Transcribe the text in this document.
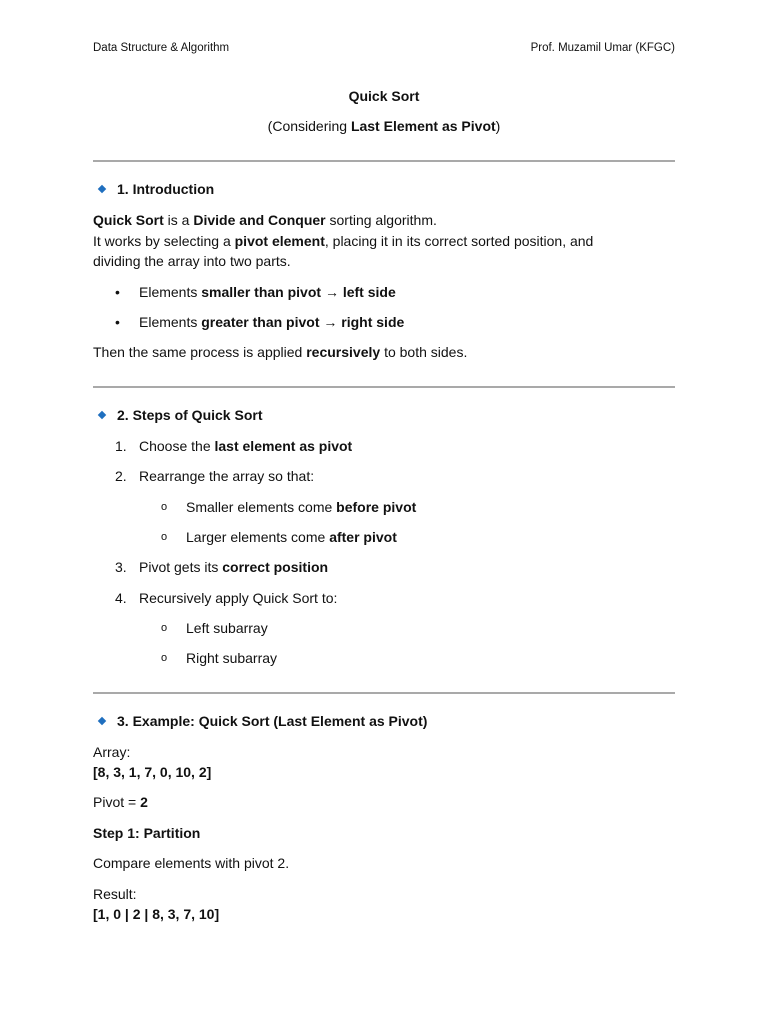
Data Structure & Algorithm	Prof. Muzamil Umar (KFGC)
Quick Sort
(Considering Last Element as Pivot)
1. Introduction
Quick Sort is a Divide and Conquer sorting algorithm.
It works by selecting a pivot element, placing it in its correct sorted position, and
dividing the array into two parts.
• Elements smaller than pivot → left side
• Elements greater than pivot → right side
Then the same process is applied recursively to both sides.
2. Steps of Quick Sort
1. Choose the last element as pivot
2. Rearrange the array so that:
o Smaller elements come before pivot
o Larger elements come after pivot
3. Pivot gets its correct position
4. Recursively apply Quick Sort to:
o Left subarray
o Right subarray
3. Example: Quick Sort (Last Element as Pivot)
Array:
[8, 3, 1, 7, 0, 10, 2]
Pivot = 2
Step 1: Partition
Compare elements with pivot 2.
Result:
[1, 0 | 2 | 8, 3, 7, 10]
